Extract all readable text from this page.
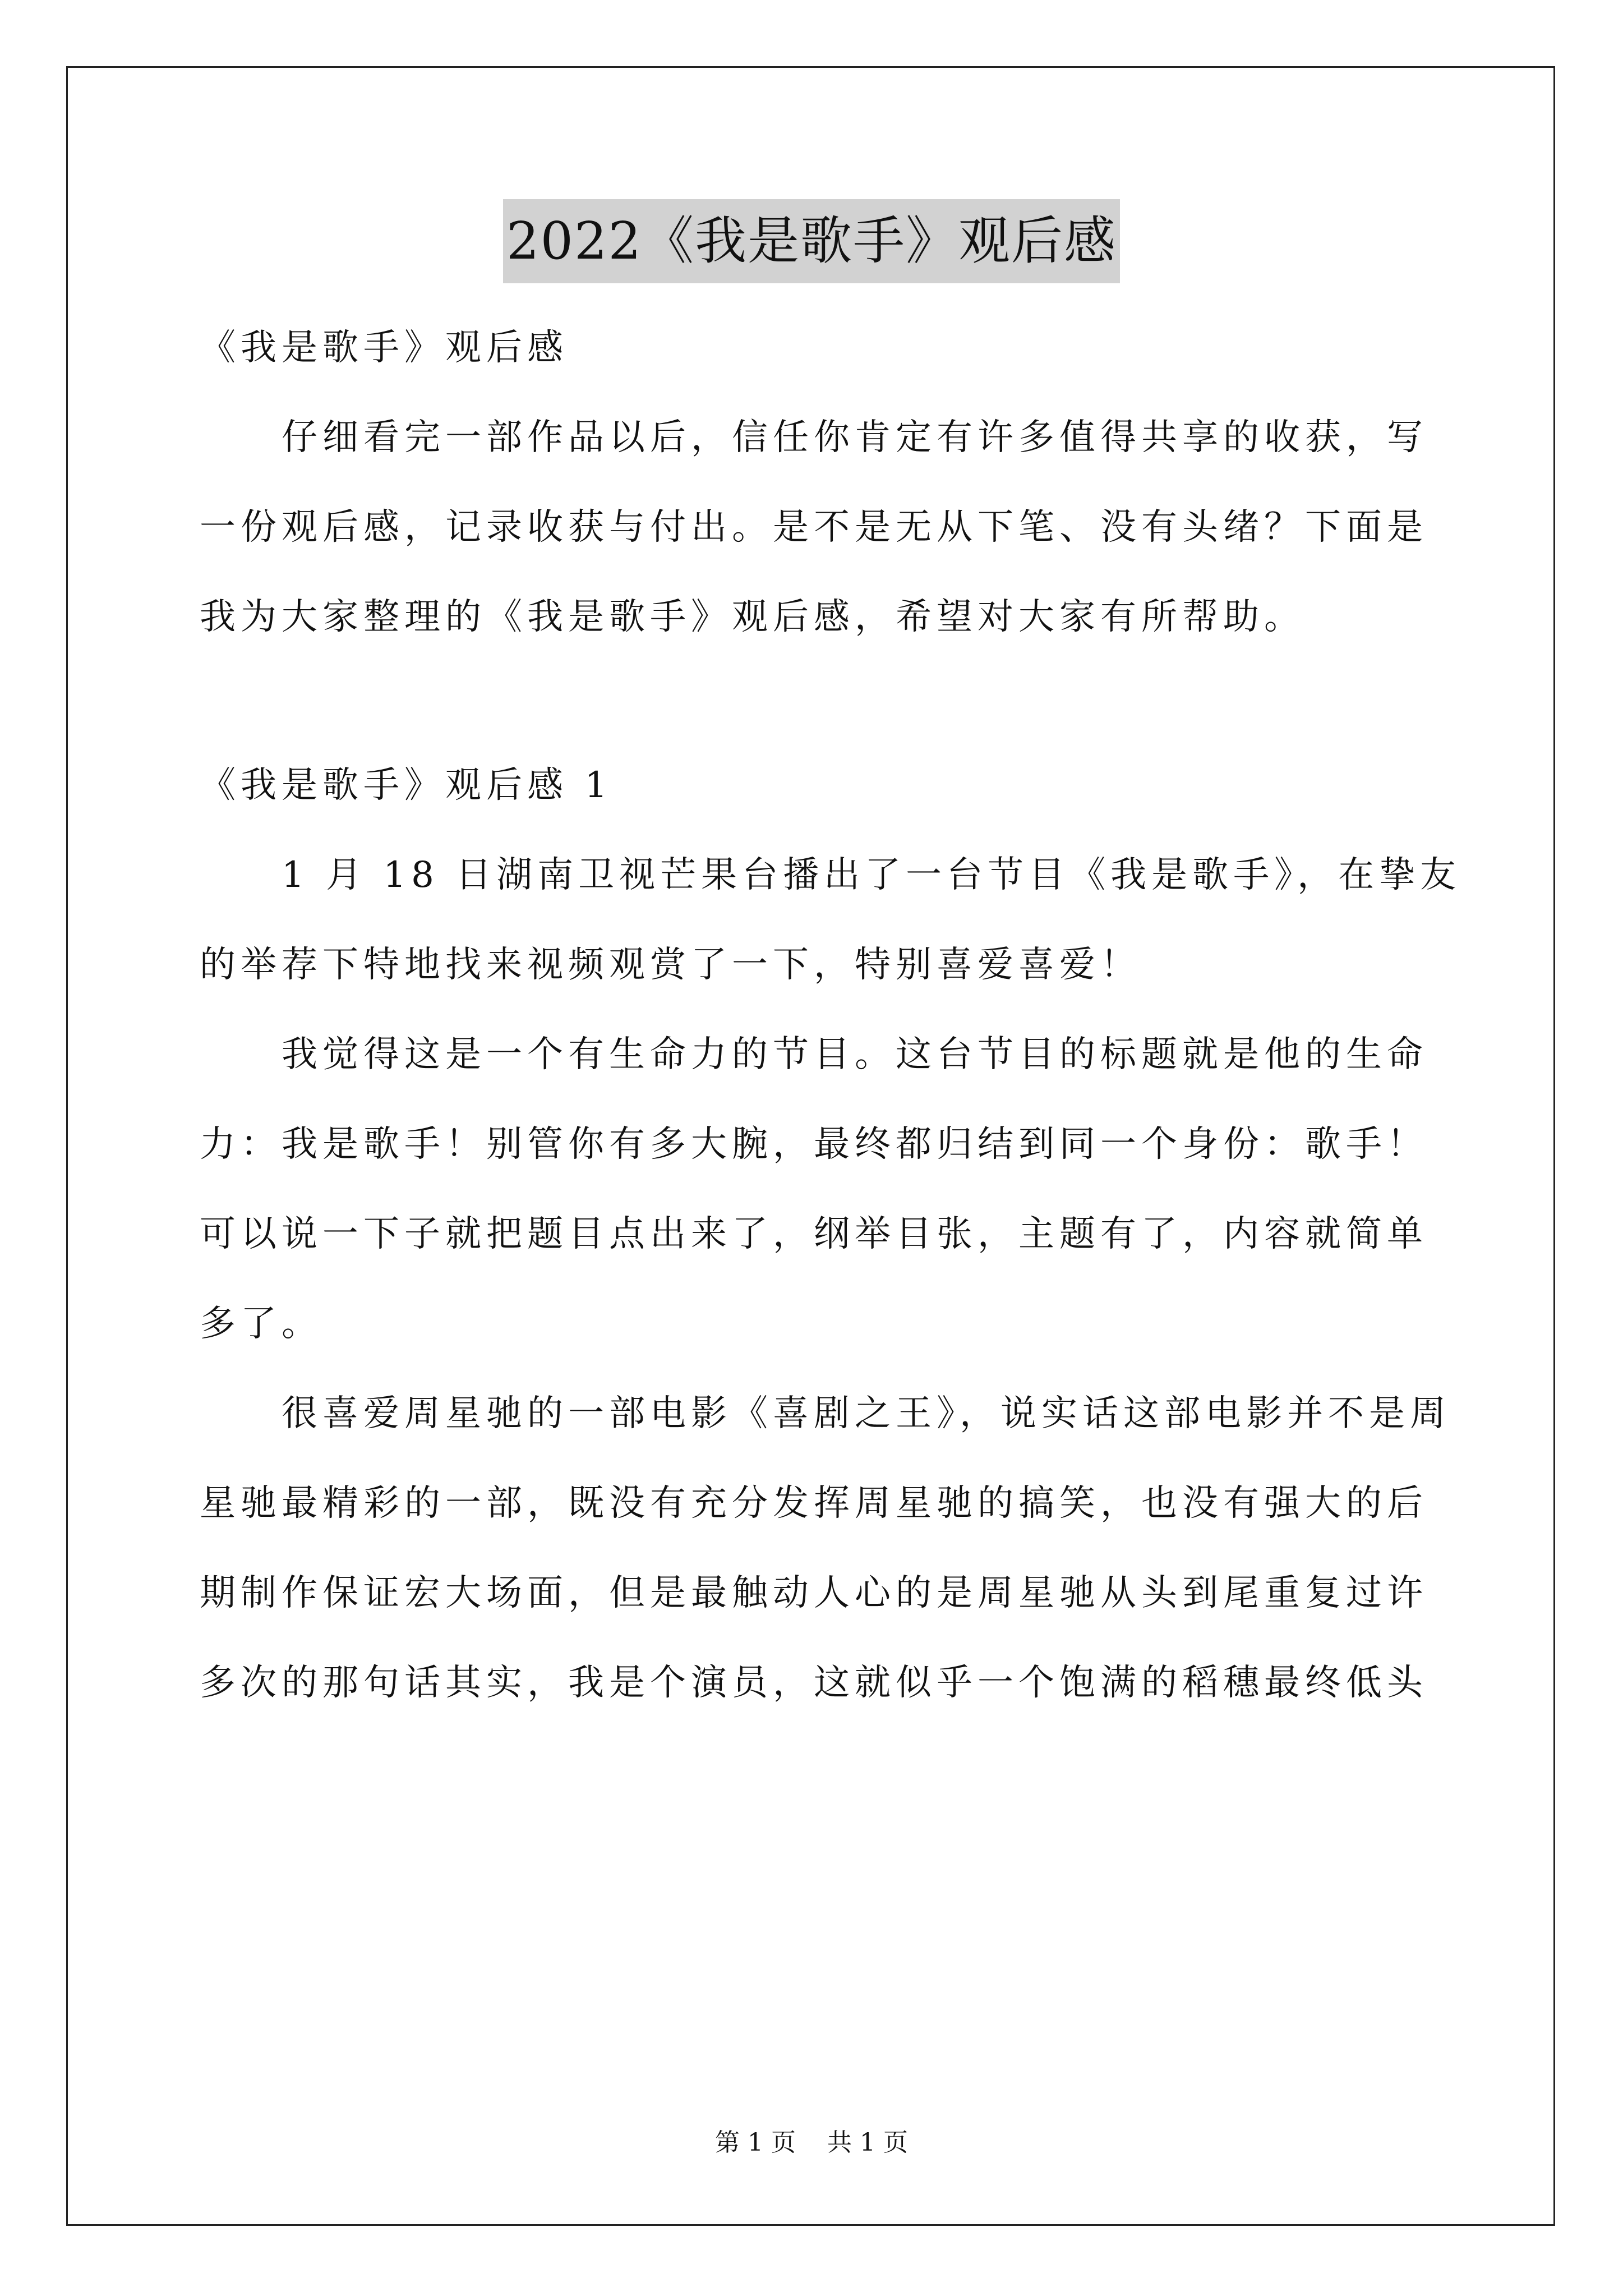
2022《我是歌手》观后感
《我是歌手》观后感
仔细看完一部作品以后，信任你肯定有许多值得共享的收获，写
一份观后感，记录收获与付出。是不是无从下笔、没有头绪？下面是
我为大家整理的《我是歌手》观后感，希望对大家有所帮助。
《我是歌手》观后感 1
1 月 18 日湖南卫视芒果台播出了一台节目《我是歌手》，在挚友
的举荐下特地找来视频观赏了一下，特别喜爱喜爱！
我觉得这是一个有生命力的节目。这台节目的标题就是他的生命
力：我是歌手！别管你有多大腕，最终都归结到同一个身份：歌手！
可以说一下子就把题目点出来了，纲举目张，主题有了，内容就简单
多了。
很喜爱周星驰的一部电影《喜剧之王》，说实话这部电影并不是周
星驰最精彩的一部，既没有充分发挥周星驰的搞笑，也没有强大的后
期制作保证宏大场面，但是最触动人心的是周星驰从头到尾重复过许
多次的那句话其实，我是个演员，这就似乎一个饱满的稻穗最终低头
第 1 页 共 1 页
